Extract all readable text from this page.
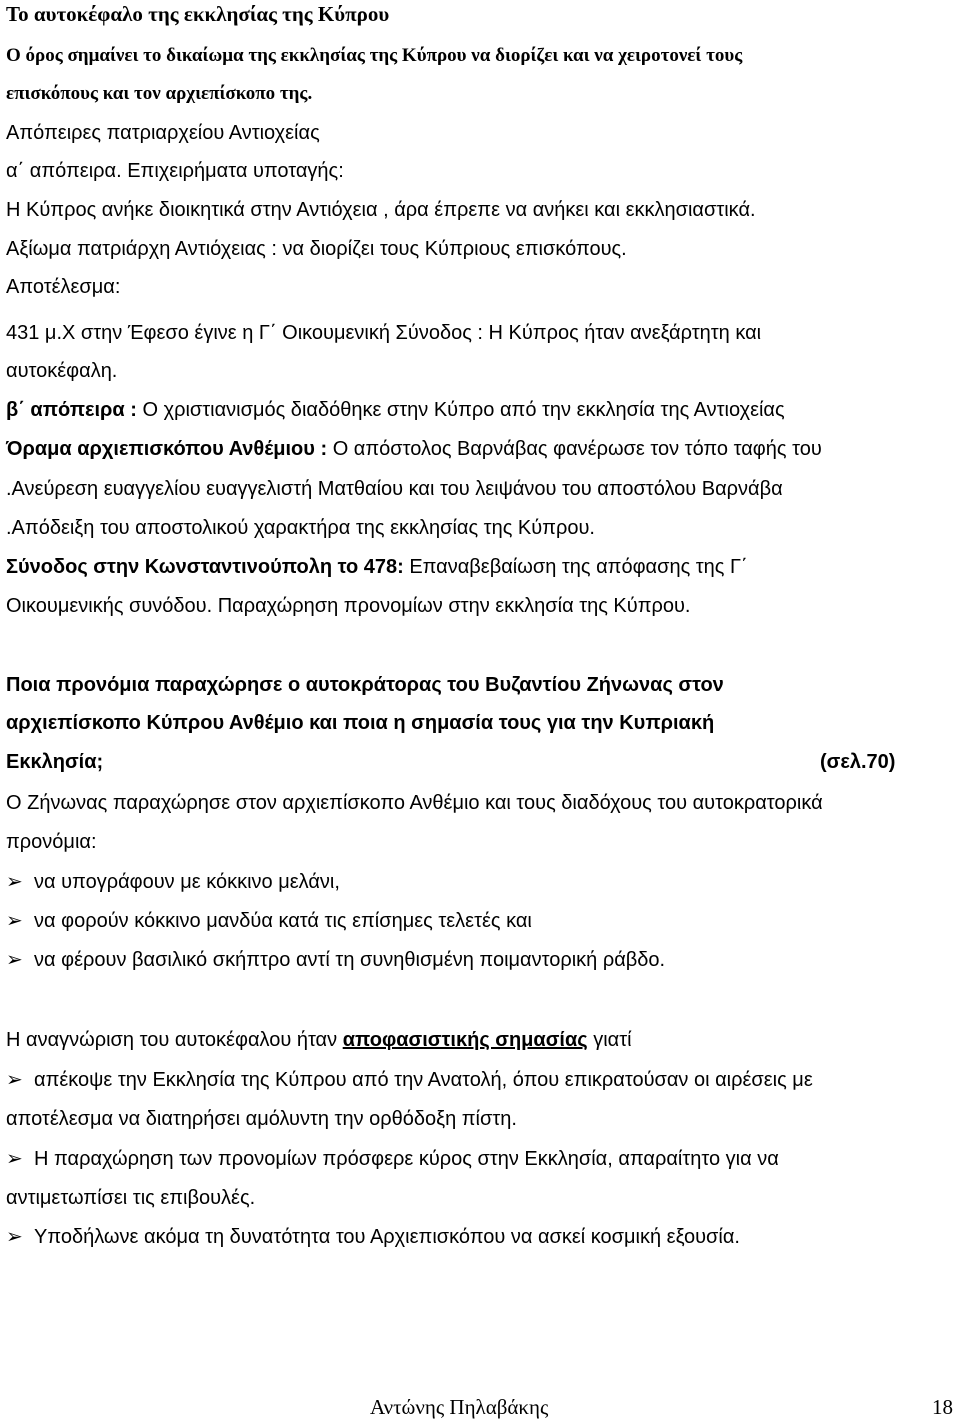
Το αυτοκέφαλο της εκκλησίας της Κύπρου
Ο όρος σημαίνει το δικαίωμα της εκκλησίας της Κύπρου να διορίζει και να χειροτονεί τους
επισκόπους και τον αρχιεπίσκοπο της.
Απόπειρες πατριαρχείου Αντιοχείας
α΄ απόπειρα. Επιχειρήματα υποταγής:
Η Κύπρος ανήκε διοικητικά στην Αντιόχεια , άρα έπρεπε να ανήκει και εκκλησιαστικά.
Αξίωμα πατριάρχη Αντιόχειας : να διορίζει τους Κύπριους επισκόπους.
Αποτέλεσμα:
431 μ.Χ στην Έφεσο έγινε η Γ΄ Οικουμενική Σύνοδος : Η Κύπρος ήταν ανεξάρτητη και
αυτοκέφαλη.
β΄ απόπειρα : Ο χριστιανισμός διαδόθηκε στην Κύπρο από την εκκλησία της Αντιοχείας
Όραμα αρχιεπισκόπου Ανθέμιου : Ο απόστολος Βαρνάβας φανέρωσε τον τόπο ταφής του
.Ανεύρεση ευαγγελίου ευαγγελιστή Ματθαίου και του λειψάνου του αποστόλου Βαρνάβα
.Απόδειξη του αποστολικού χαρακτήρα της εκκλησίας της Κύπρου.
Σύνοδος στην Κωνσταντινούπολη το 478: Επαναβεβαίωση της απόφασης της Γ΄
Οικουμενικής συνόδου. Παραχώρηση προνομίων στην εκκλησία της Κύπρου.
Ποια προνόμια παραχώρησε ο αυτοκράτορας του Βυζαντίου Ζήνωνας στον
αρχιεπίσκοπο Κύπρου Ανθέμιο και ποια η σημασία τους για την Κυπριακή
Εκκλησία;	(σελ.70)
Ο Ζήνωνας παραχώρησε στον αρχιεπίσκοπο Ανθέμιο και τους διαδόχους του αυτοκρατορικά
προνόμια:
➢ να υπογράφουν με κόκκινο μελάνι,
➢ να φορούν κόκκινο μανδύα κατά τις επίσημες τελετές και
➢ να φέρουν βασιλικό σκήπτρο αντί τη συνηθισμένη ποιμαντορική ράβδο.
Η αναγνώριση του αυτοκέφαλου ήταν αποφασιστικής σημασίας γιατί
➢ απέκοψε την Εκκλησία της Κύπρου από την Ανατολή, όπου επικρατούσαν οι αιρέσεις με
αποτέλεσμα να διατηρήσει αμόλυντη την ορθόδοξη πίστη.
➢ Η παραχώρηση των προνομίων πρόσφερε κύρος στην Εκκλησία, απαραίτητο για να
αντιμετωπίσει τις επιβουλές.
➢ Υποδήλωνε ακόμα τη δυνατότητα του Αρχιεπισκόπου να ασκεί κοσμική εξουσία.
Αντώνης Πηλαβάκης	18
